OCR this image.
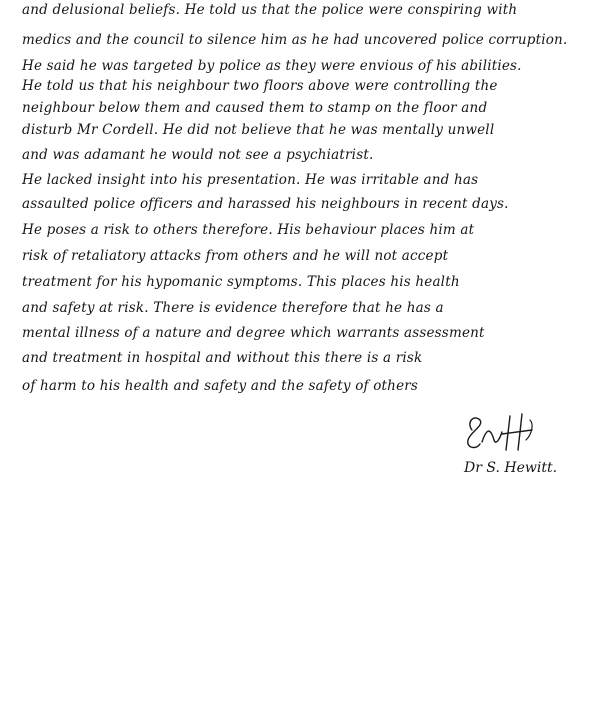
and delusional beliefs. He told us that the police were conspiring with
medics and the council to silence him as he had uncovered police corruption.
He said he was targeted by police as they were envious of his abilities.
He told us that his neighbour two floors above were controlling the
neighbour below them and caused them to stamp on the floor and
disturb Mr Cordell. He did not believe that he was mentally unwell
and was adamant he would not see a psychiatrist.
He lacked insight into his presentation. He was irritable and has
assaulted police officers and harassed his neighbours in recent days.
He poses a risk to others therefore. His behaviour places him at
risk of retaliatory attacks from others and he will not accept
treatment for his hypomanic symptoms. This places his health
and safety at risk. There is evidence therefore that he has a
mental illness of a nature and degree which warrants assessment
and treatment in hospital and without this there is a risk
of harm to his health and safety and the safety of others
Dr S. Hewitt.
